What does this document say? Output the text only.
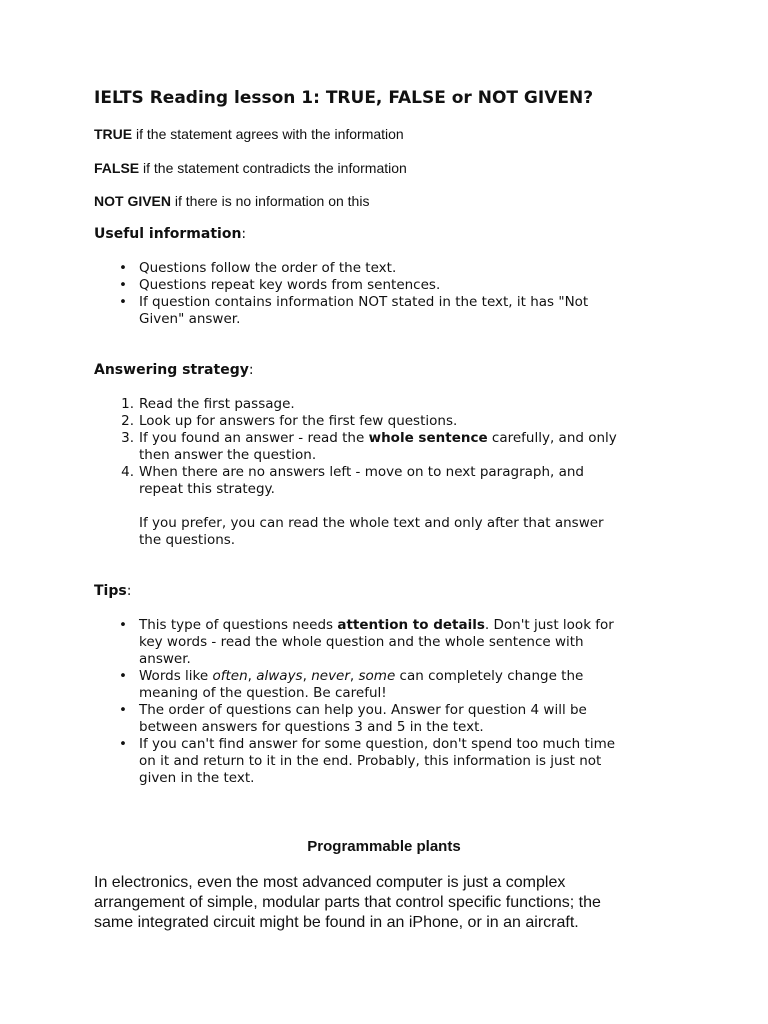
IELTS Reading lesson 1: TRUE, FALSE or NOT GIVEN?

TRUE if the statement agrees with the information

FALSE if the statement contradicts the information

NOT GIVEN if there is no information on this

Useful information:

• Questions follow the order of the text.
• Questions repeat key words from sentences.
• If question contains information NOT stated in the text, it has "Not
Given" answer.

Answering strategy:

1. Read the first passage.
2. Look up for answers for the first few questions.
3. If you found an answer - read the whole sentence carefully, and only
then answer the question.
4. When there are no answers left - move on to next paragraph, and
repeat this strategy.
If you prefer, you can read the whole text and only after that answer
the questions.

Tips:

• This type of questions needs attention to details. Don't just look for
key words - read the whole question and the whole sentence with
answer.
• Words like often, always, never, some can completely change the
meaning of the question. Be careful!
• The order of questions can help you. Answer for question 4 will be
between answers for questions 3 and 5 in the text.
• If you can't find answer for some question, don't spend too much time
on it and return to it in the end. Probably, this information is just not
given in the text.
Programmable plants

In electronics, even the most advanced computer is just a complex
arrangement of simple, modular parts that control specific functions; the
same integrated circuit might be found in an iPhone, or in an aircraft.
